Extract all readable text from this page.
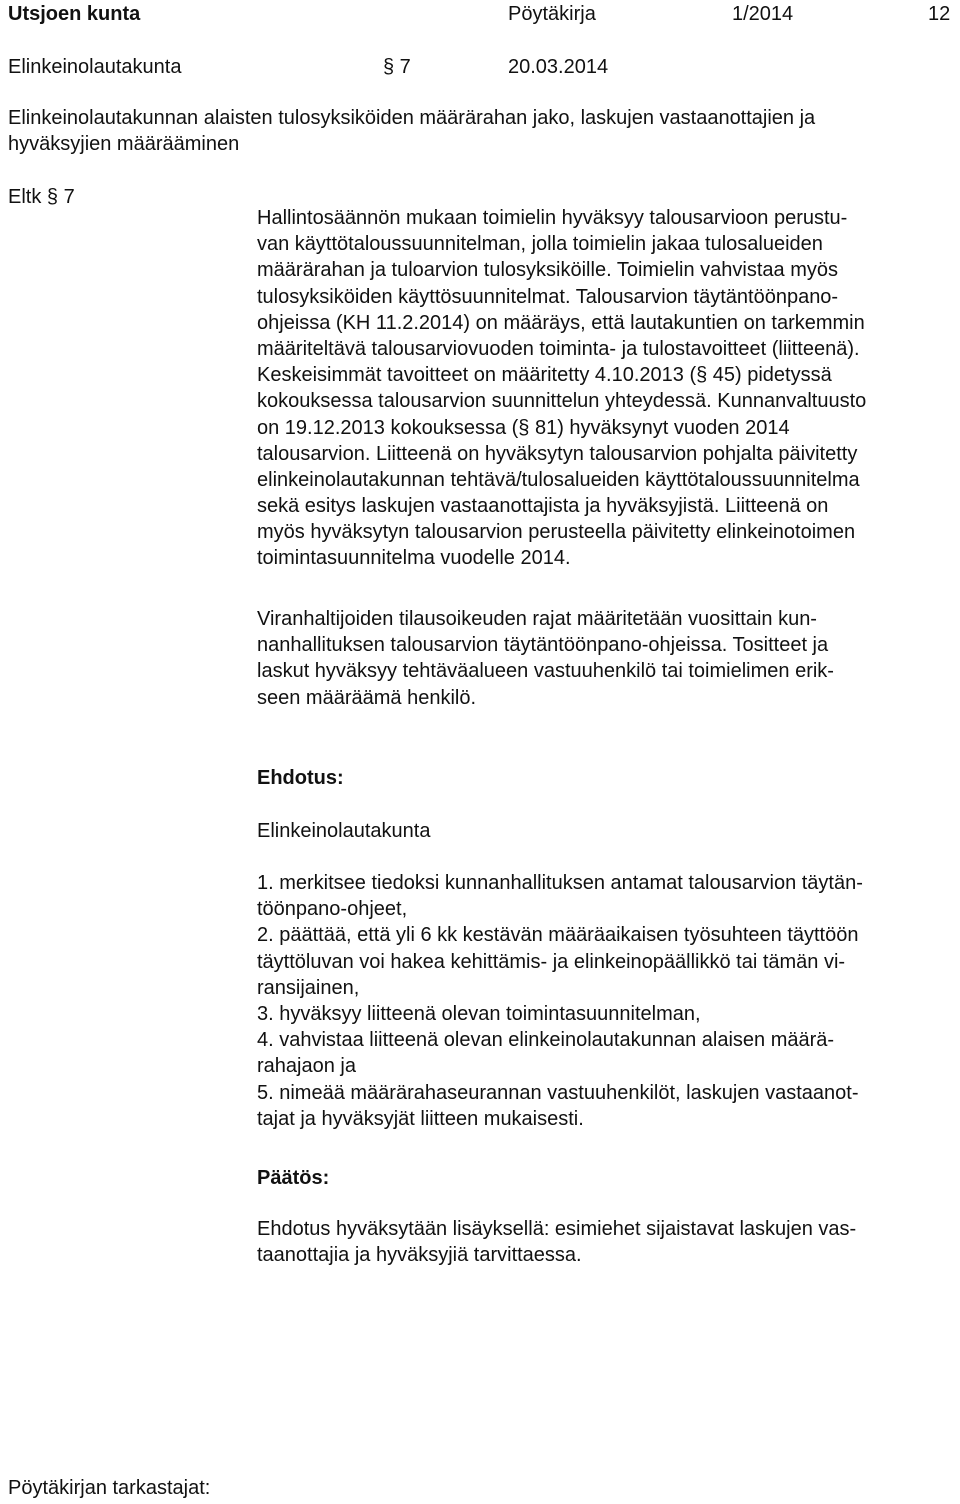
Utsjoen kunta	Pöytäkirja	1/2014	12
Elinkeinolautakunta	§ 7	20.03.2014
Elinkeinolautakunnan alaisten tulosyksiköiden määrärahan jako, laskujen vastaanottajien ja
hyväksyjien määrääminen
Eltk § 7
Hallintosäännön mukaan toimielin hyväksyy talousarvioon perustu-
van käyttötaloussuunnitelman, jolla toimielin jakaa tulosalueiden
määrärahan ja tuloarvion tulosyksiköille. Toimielin vahvistaa myös
tulosyksiköiden käyttösuunnitelmat. Talousarvion täytäntöönpano-
ohjeissa (KH 11.2.2014) on määräys, että lautakuntien on tarkemmin
määriteltävä talousarviovuoden toiminta- ja tulostavoitteet (liitteenä).
Keskeisimmät tavoitteet on määritetty 4.10.2013 (§ 45) pidetyssä
kokouksessa talousarvion suunnittelun yhteydessä. Kunnanvaltuusto
on 19.12.2013 kokouksessa (§ 81) hyväksynyt vuoden 2014
talousarvion. Liitteenä on hyväksytyn talousarvion pohjalta päivitetty
elinkeinolautakunnan tehtävä/tulosalueiden käyttötaloussuunnitelma
sekä esitys laskujen vastaanottajista ja hyväksyjistä. Liitteenä on
myös hyväksytyn talousarvion perusteella päivitetty elinkeinotoimen
toimintasuunnitelma vuodelle 2014.
Viranhaltijoiden tilausoikeuden rajat määritetään vuosittain kun-
nanhallituksen talousarvion täytäntöönpano-ohjeissa. Tositteet ja
laskut hyväksyy tehtäväalueen vastuuhenkilö tai toimielimen erik-
seen määräämä henkilö.
Ehdotus:
Elinkeinolautakunta
1. merkitsee tiedoksi kunnanhallituksen antamat talousarvion täytän-
töönpano-ohjeet,
2. päättää, että yli 6 kk kestävän määräaikaisen työsuhteen täyttöön
täyttöluvan voi hakea kehittämis- ja elinkeinopäällikkö tai tämän vi-
ransijainen,
3. hyväksyy liitteenä olevan toimintasuunnitelman,
4. vahvistaa liitteenä olevan elinkeinolautakunnan alaisen määrä-
rahajaon ja
5. nimeää määrärahaseurannan vastuuhenkilöt, laskujen vastaanot-
tajat ja hyväksyjät liitteen mukaisesti.
Päätös:
Ehdotus hyväksytään lisäyksellä: esimiehet sijaistavat laskujen vas-
taanottajia ja hyväksyjiä tarvittaessa.
Pöytäkirjan tarkastajat:
